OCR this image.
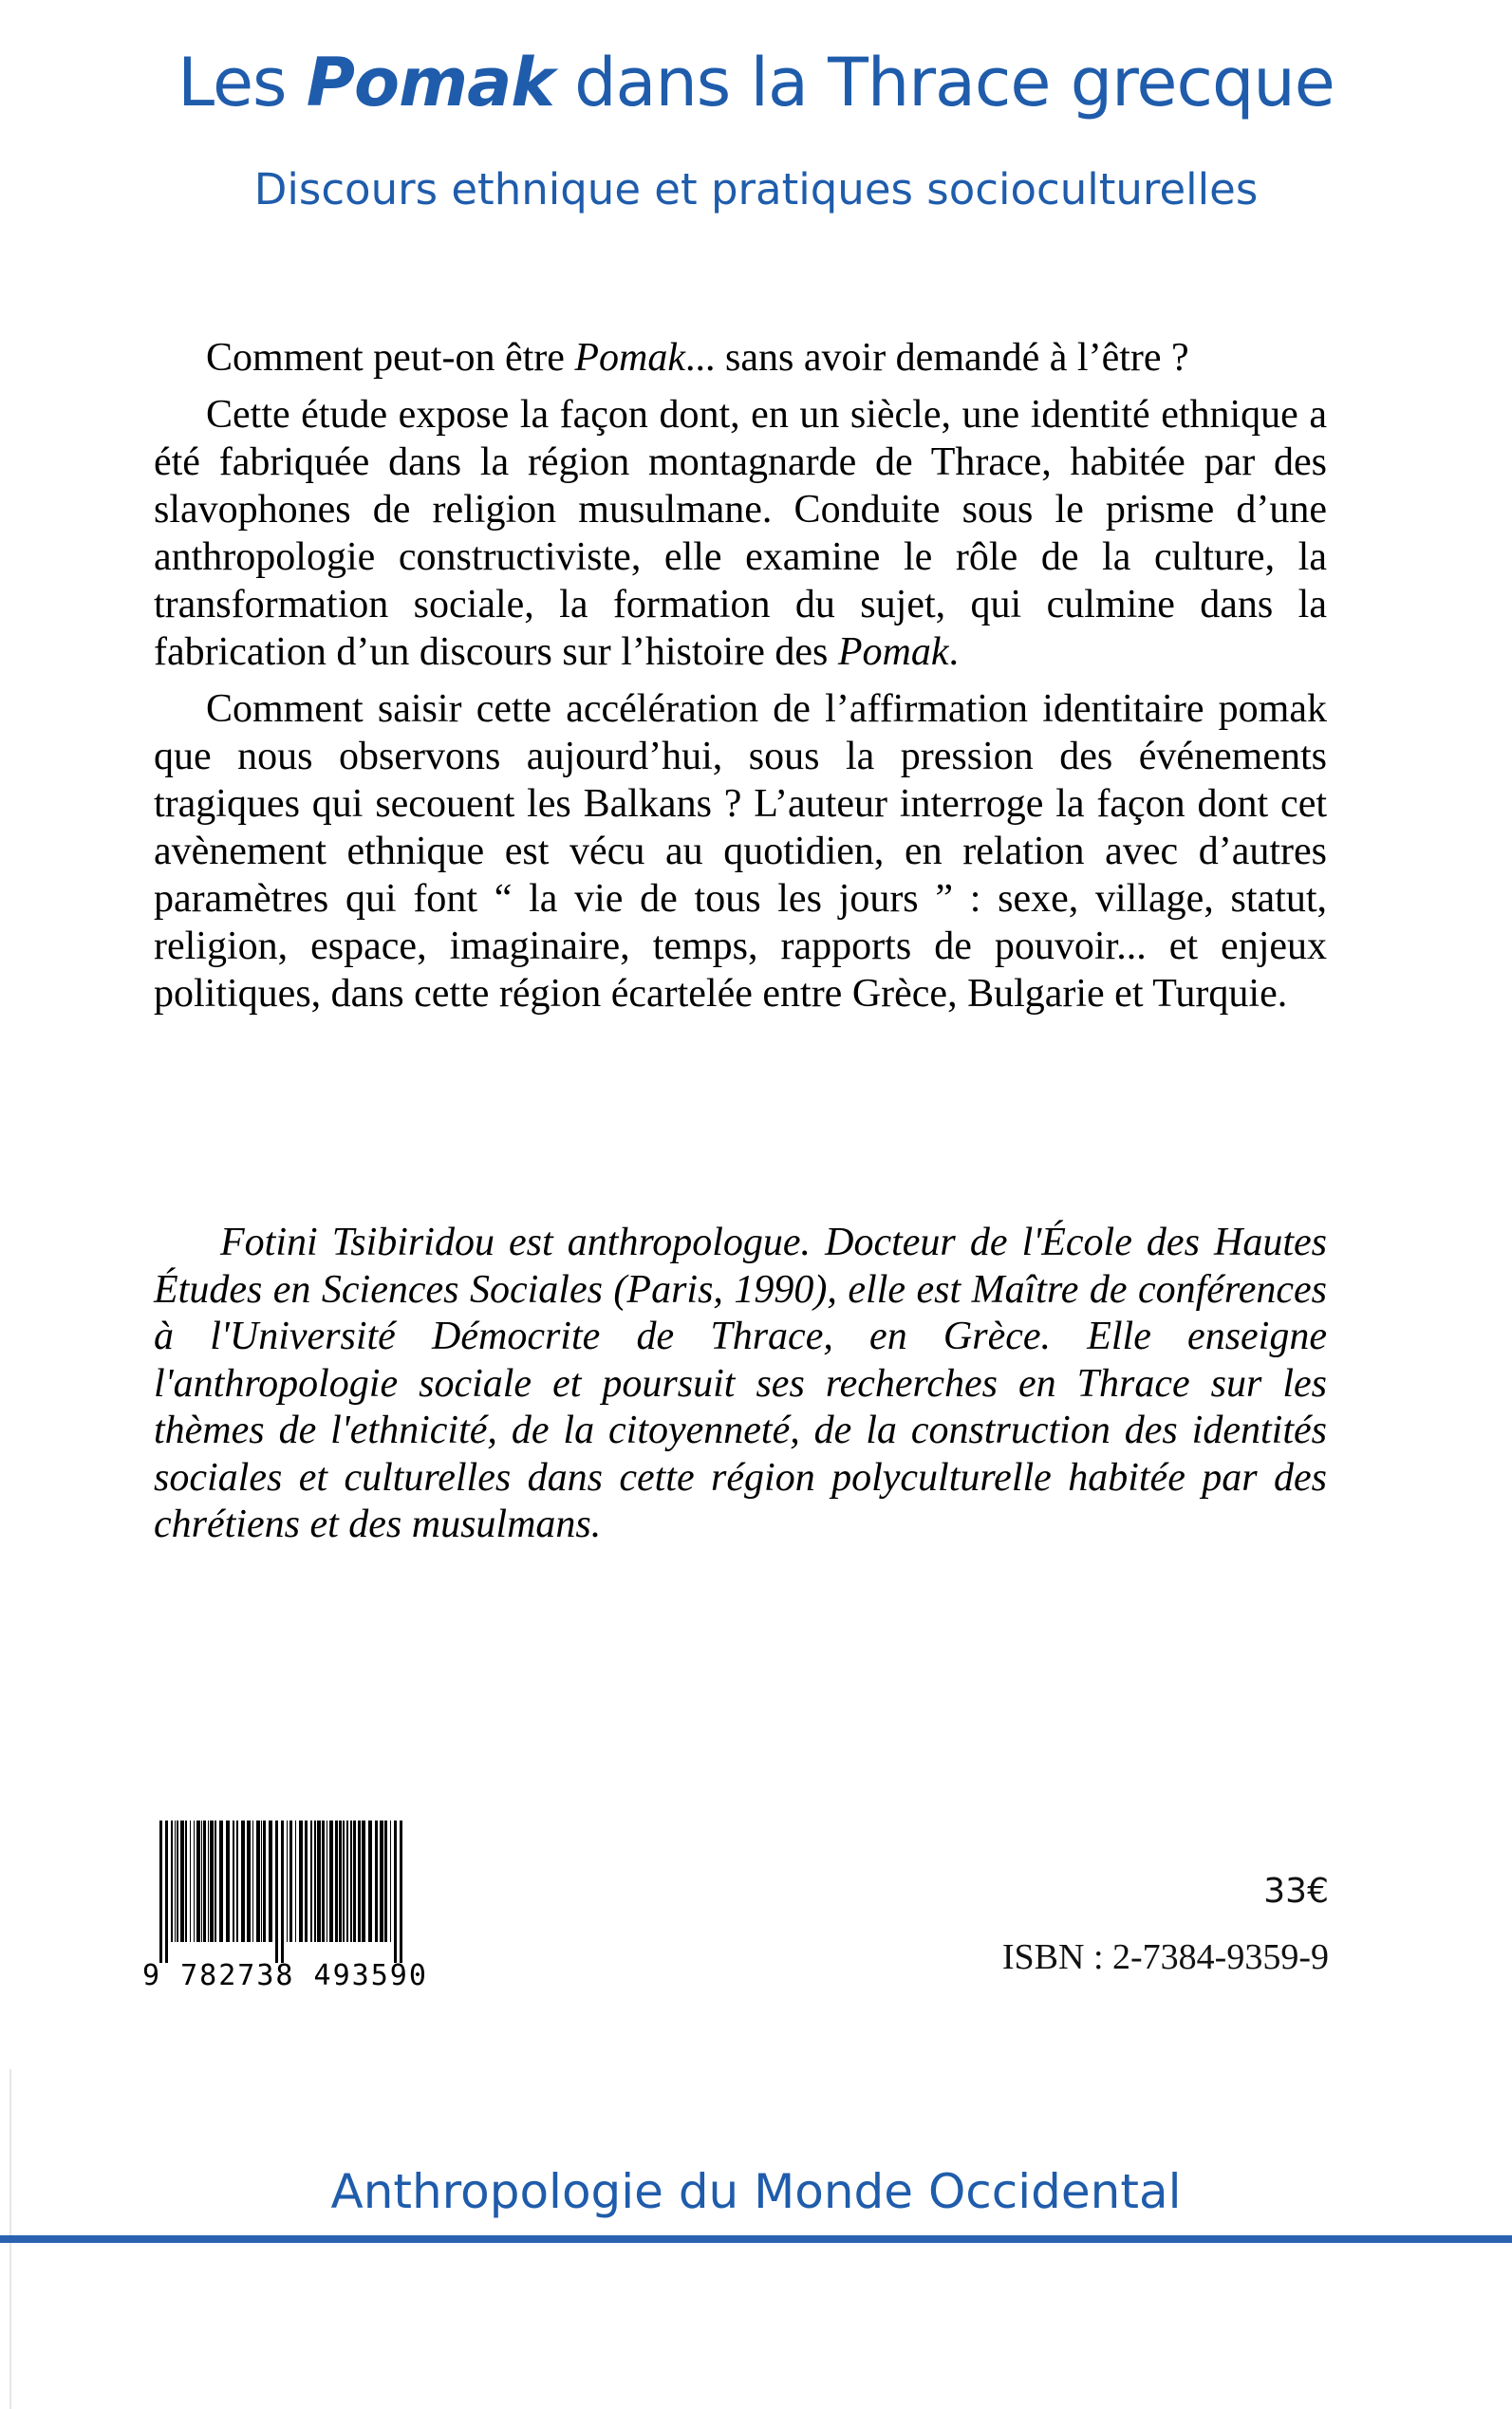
Les Pomak dans la Thrace grecque
Discours ethnique et pratiques socioculturelles

Comment peut-on être Pomak... sans avoir demandé à l’être ?

Cette étude expose la façon dont, en un siècle, une identité ethnique a été fabriquée dans la région montagnarde de Thrace, habitée par des slavophones de religion musulmane. Conduite sous le prisme d’une anthropologie constructiviste, elle examine le rôle de la culture, la transformation sociale, la formation du sujet, qui culmine dans la fabrication d’un discours sur l’histoire des Pomak.

Comment saisir cette accélération de l’affirmation identitaire pomak que nous observons aujourd’hui, sous la pression des événements tragiques qui secouent les Balkans ? L’auteur interroge la façon dont cet avènement ethnique est vécu au quotidien, en relation avec d’autres paramètres qui font “ la vie de tous les jours ” : sexe, village, statut, religion, espace, imaginaire, temps, rapports de pouvoir... et enjeux politiques, dans cette région écartelée entre Grèce, Bulgarie et Turquie.

Fotini Tsibiridou est anthropologue. Docteur de l'École des Hautes Études en Sciences Sociales (Paris, 1990), elle est Maître de conférences à l'Université Démocrite de Thrace, en Grèce. Elle enseigne l'anthropologie sociale et poursuit ses recherches en Thrace sur les thèmes de l'ethnicité, de la citoyenneté, de la construction des identités sociales et culturelles dans cette région polyculturelle habitée par des chrétiens et des musulmans.
9 782738 493590
33€
ISBN : 2-7384-9359-9
Anthropologie du Monde Occidental
